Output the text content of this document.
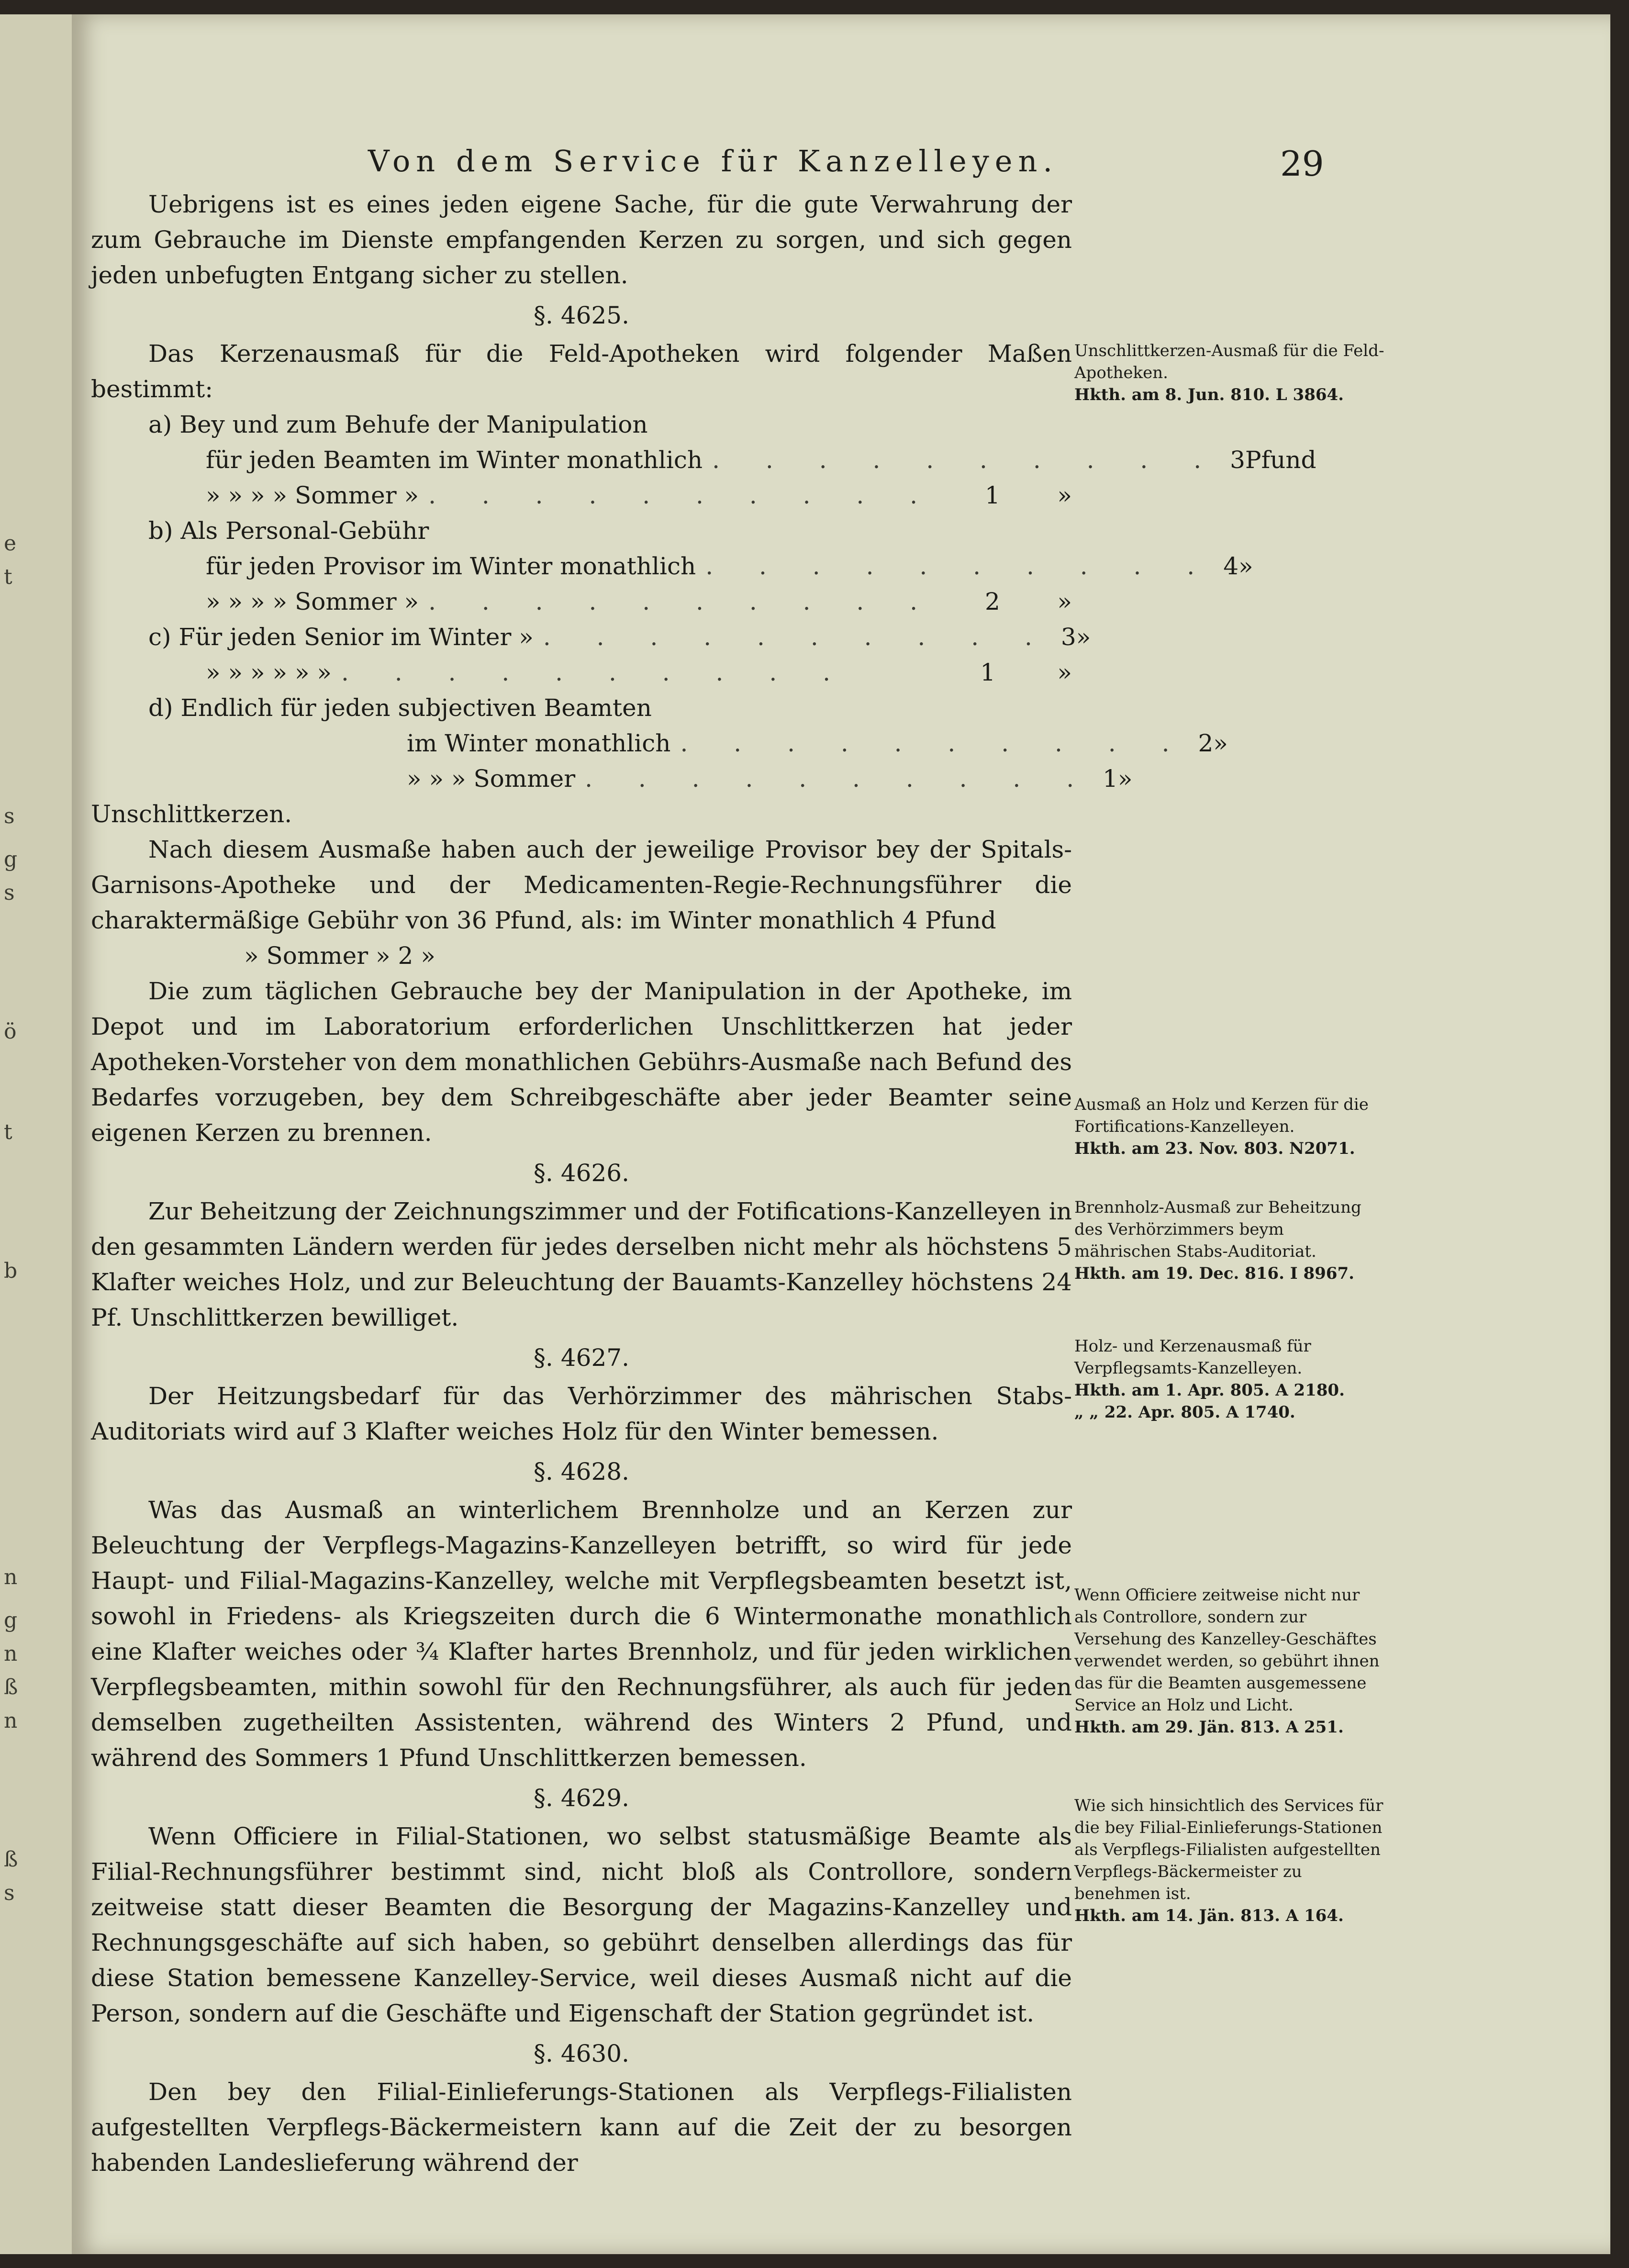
e
t
s
g
s
ö
t
b
n
g
n
ß
n
ß
s
Von dem Service für Kanzelleyen.	29

Uebrigens ist es eines jeden eigene Sache, für die gute Verwahrung der zum Gebrauche im Dienste empfangenden Kerzen zu sorgen, und sich gegen jeden unbefugten Entgang sicher zu stellen.

§. 4625.

Das Kerzenausmaß für die Feld-Apotheken wird folgender Maßen bestimmt:

a) Bey und zum Behufe der Manipulation

für jeden Beamten im Winter monathlich . . . . . . . . . . 3 Pfund
» » » » Sommer » . . . . . . . . . .	1	»

b) Als Personal-Gebühr

für jeden Provisor im Winter monathlich . . . . . . . . . . 4 »
» » » » Sommer » . . . . . . . . . .	2	»
c) Für jeden Senior im Winter » . . . . . . . . . . 3 »
» » » » » » . . . . . . . . . .	1	»

d) Endlich für jeden subjectiven Beamten

im Winter monathlich . . . . . . . . . . 2 »
» » » Sommer . . . . . . . . . . 1 »

Unschlittkerzen.

Nach diesem Ausmaße haben auch der jeweilige Provisor bey der Spitals-Garnisons-Apotheke und der Medicamenten-Regie-Rechnungsführer die charaktermäßige Gebühr von 36 Pfund, als: im Winter monathlich 4 Pfund

» Sommer » 2 »

Die zum täglichen Gebrauche bey der Manipulation in der Apotheke, im Depot und im Laboratorium erforderlichen Unschlittkerzen hat jeder Apotheken-Vorsteher von dem monathlichen Gebührs-Ausmaße nach Befund des Bedarfes vorzugeben, bey dem Schreibgeschäfte aber jeder Beamter seine eigenen Kerzen zu brennen.

§. 4626.

Zur Beheitzung der Zeichnungszimmer und der Fotifications-Kanzelleyen in den gesammten Ländern werden für jedes derselben nicht mehr als höchstens 5 Klafter weiches Holz, und zur Beleuchtung der Bauamts-Kanzelley höchstens 24 Pf. Unschlittkerzen bewilliget.

§. 4627.

Der Heitzungsbedarf für das Verhörzimmer des mährischen Stabs-Auditoriats wird auf 3 Klafter weiches Holz für den Winter bemessen.

§. 4628.

Was das Ausmaß an winterlichem Brennholze und an Kerzen zur Beleuchtung der Verpflegs-Magazins-Kanzelleyen betrifft, so wird für jede Haupt- und Filial-Magazins-Kanzelley, welche mit Verpflegsbeamten besetzt ist, sowohl in Friedens- als Kriegszeiten durch die 6 Wintermonathe monathlich eine Klafter weiches oder ¾ Klafter hartes Brennholz, und für jeden wirklichen Verpflegsbeamten, mithin sowohl für den Rechnungsführer, als auch für jeden demselben zugetheilten Assistenten, während des Winters 2 Pfund, und während des Sommers 1 Pfund Unschlittkerzen bemessen.

§. 4629.

Wenn Officiere in Filial-Stationen, wo selbst statusmäßige Beamte als Filial-Rechnungsführer bestimmt sind, nicht bloß als Controllore, sondern zeitweise statt dieser Beamten die Besorgung der Magazins-Kanzelley und Rechnungsgeschäfte auf sich haben, so gebührt denselben allerdings das für diese Station bemessene Kanzelley-Service, weil dieses Ausmaß nicht auf die Person, sondern auf die Geschäfte und Eigenschaft der Station gegründet ist.

§. 4630.

Den bey den Filial-Einlieferungs-Stationen als Verpflegs-Filialisten aufgestellten Verpflegs-Bäckermeistern kann auf die Zeit der zu besorgen habenden Landeslieferung während der

Unschlittkerzen-Ausmaß für die Feld-Apotheken.
Hkth. am 8. Jun. 810. L 3864.
Ausmaß an Holz und Kerzen für die Fortifications-Kanzelleyen.
Hkth. am 23. Nov. 803. N2071.
Brennholz-Ausmaß zur Beheitzung des Verhörzimmers beym mährischen Stabs-Auditoriat.
Hkth. am 19. Dec. 816. I 8967.
Holz- und Kerzenausmaß für Verpflegsamts-Kanzelleyen.
Hkth. am 1. Apr. 805. A 2180.
„ „ 22. Apr. 805. A 1740.
Wenn Officiere zeitweise nicht nur als Controllore, sondern zur Versehung des Kanzelley-Geschäftes verwendet werden, so gebührt ihnen das für die Beamten ausgemessene Service an Holz und Licht.
Hkth. am 29. Jän. 813. A 251.
Wie sich hinsichtlich des Services für die bey Filial-Einlieferungs-Stationen als Verpflegs-Filialisten aufgestellten Verpflegs-Bäckermeister zu benehmen ist.
Hkth. am 14. Jän. 813. A 164.
